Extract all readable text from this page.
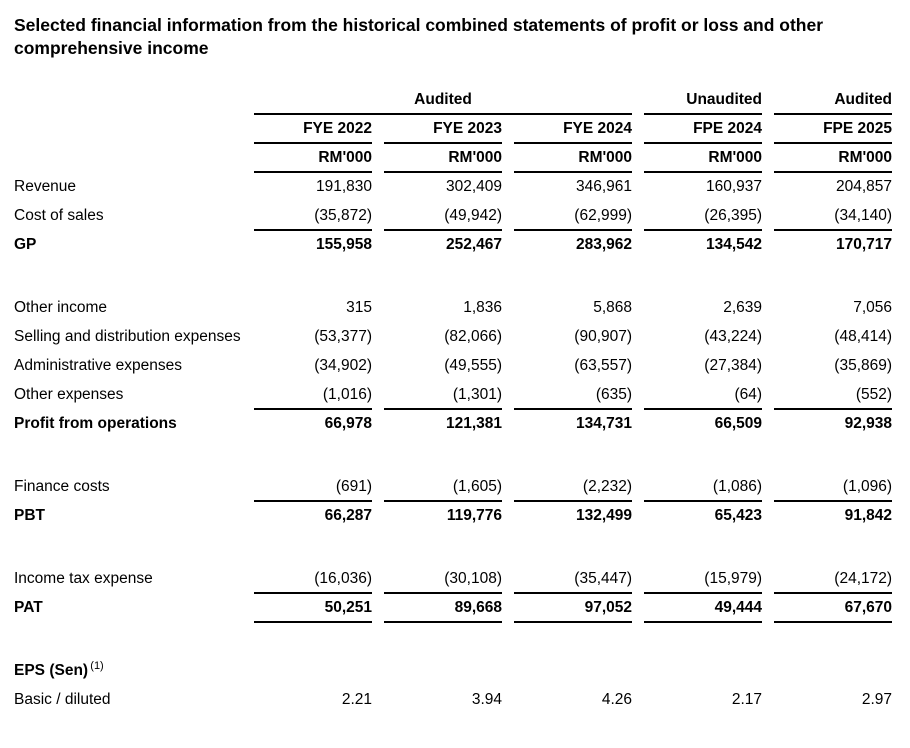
Selected financial information from the historical combined statements of profit or loss and other comprehensive income

	Audited			Unaudited	Audited

	FYE 2022	FYE 2023	FYE 2024	FPE 2024	FPE 2025

	RM'000	RM'000	RM'000	RM'000	RM'000

Revenue	191,830	302,409	346,961	160,937	204,857

Cost of sales	(35,872)	(49,942)	(62,999)	(26,395)	(34,140)

GP	155,958	252,467	283,962	134,542	170,717

Other income	315	1,836	5,868	2,639	7,056

Selling and distribution expenses	(53,377)	(82,066)	(90,907)	(43,224)	(48,414)

Administrative expenses	(34,902)	(49,555)	(63,557)	(27,384)	(35,869)

Other expenses	(1,016)	(1,301)	(635)	(64)	(552)

Profit from operations	66,978	121,381	134,731	66,509	92,938

Finance costs	(691)	(1,605)	(2,232)	(1,086)	(1,096)

PBT	66,287	119,776	132,499	65,423	91,842

Income tax expense	(16,036)	(30,108)	(35,447)	(15,979)	(24,172)

PAT	50,251	89,668	97,052	49,444	67,670

EPS (Sen) $^{(1)}$

Basic / diluted	2.21	3.94	4.26	2.17	2.97
